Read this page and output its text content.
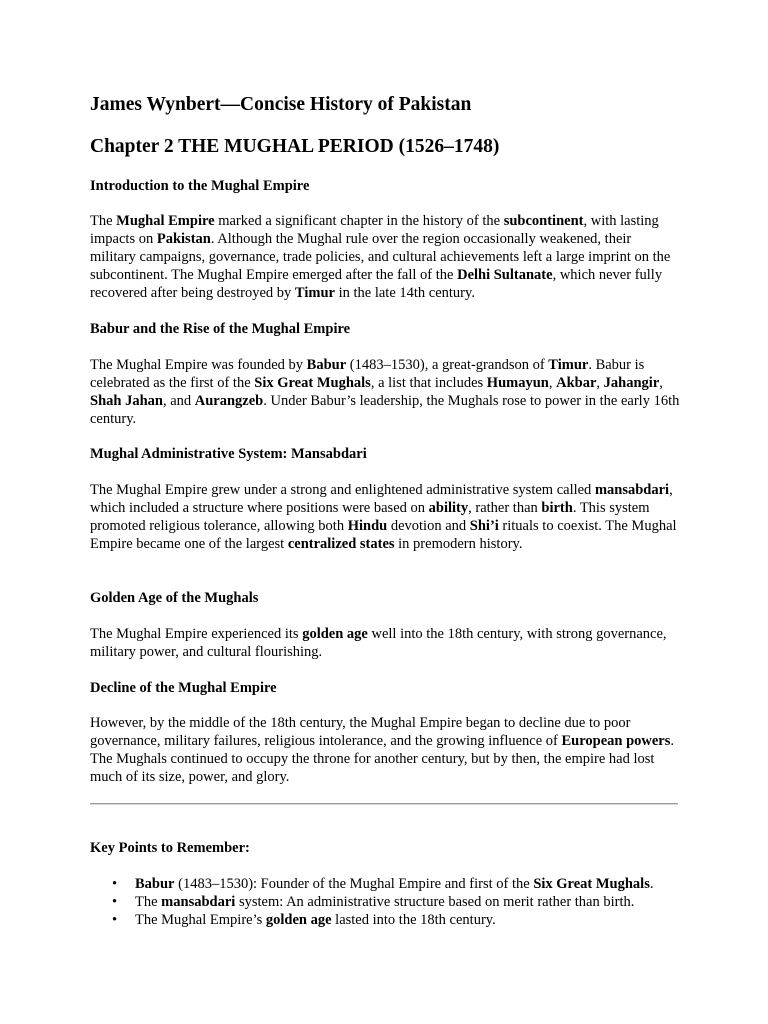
James Wynbert—Concise History of Pakistan
Chapter 2 THE MUGHAL PERIOD (1526–1748)
Introduction to the Mughal Empire

The Mughal Empire marked a significant chapter in the history of the subcontinent, with lasting impacts on Pakistan. Although the Mughal rule over the region occasionally weakened, their military campaigns, governance, trade policies, and cultural achievements left a large imprint on the subcontinent. The Mughal Empire emerged after the fall of the Delhi Sultanate, which never fully recovered after being destroyed by Timur in the late 14th century.

Babur and the Rise of the Mughal Empire

The Mughal Empire was founded by Babur (1483–1530), a great-grandson of Timur. Babur is celebrated as the first of the Six Great Mughals, a list that includes Humayun, Akbar, Jahangir, Shah Jahan, and Aurangzeb. Under Babur’s leadership, the Mughals rose to power in the early 16th century.

Mughal Administrative System: Mansabdari

The Mughal Empire grew under a strong and enlightened administrative system called mansabdari, which included a structure where positions were based on ability, rather than birth. This system promoted religious tolerance, allowing both Hindu devotion and Shi’i rituals to coexist. The Mughal Empire became one of the largest centralized states in premodern history.

Golden Age of the Mughals

The Mughal Empire experienced its golden age well into the 18th century, with strong governance, military power, and cultural flourishing.

Decline of the Mughal Empire

However, by the middle of the 18th century, the Mughal Empire began to decline due to poor governance, military failures, religious intolerance, and the growing influence of European powers. The Mughals continued to occupy the throne for another century, but by then, the empire had lost much of its size, power, and glory.

Key Points to Remember:
• Babur (1483–1530): Founder of the Mughal Empire and first of the Six Great Mughals.
• The mansabdari system: An administrative structure based on merit rather than birth.
• The Mughal Empire’s golden age lasted into the 18th century.
